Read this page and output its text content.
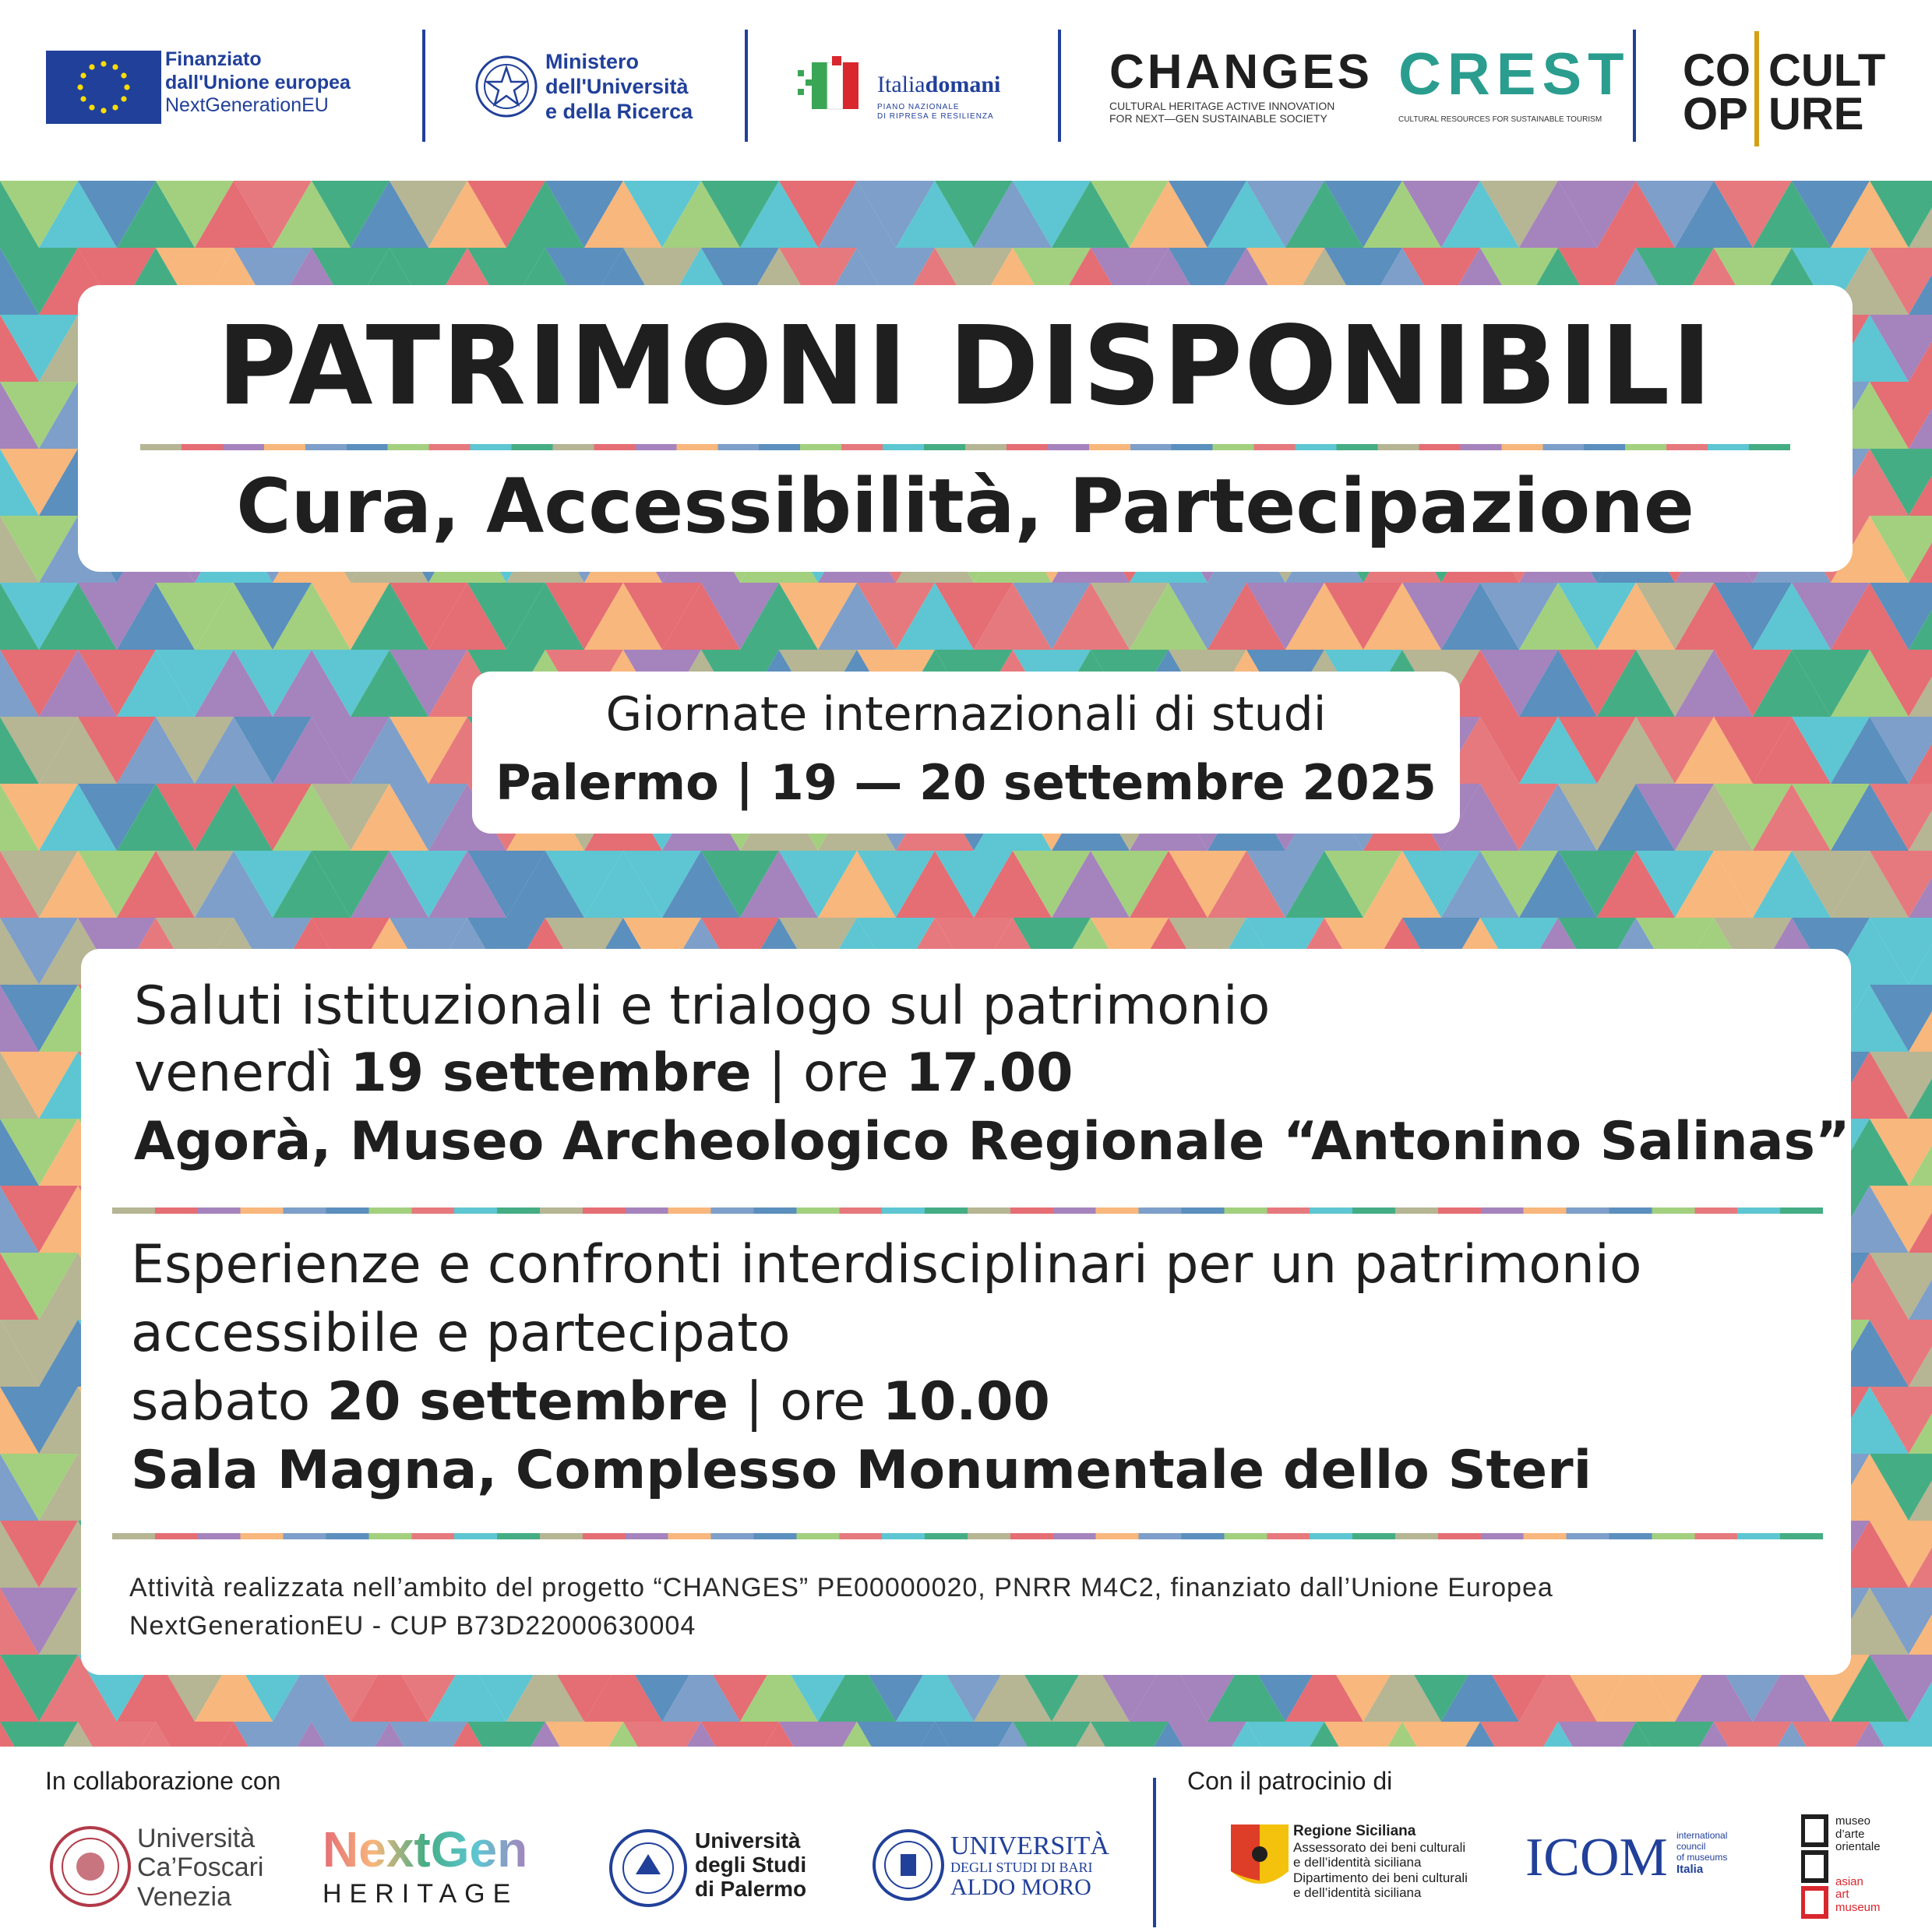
Finanziato
dall'Unione europea
NextGenerationEU
Ministero
dell'Università
e della Ricerca
Italiadomani
PIANO NAZIONALE
DI RIPRESA E RESILIENZA
CHANGES
CULTURAL HERITAGE ACTIVE INNOVATION
FOR NEXT—GEN SUSTAINABLE SOCIETY
CREST
CULTURAL RESOURCES FOR SUSTAINABLE TOURISM
CO
OP
CULT
URE
PATRIMONI DISPONIBILI
Cura, Accessibilità, Partecipazione
Giornate internazionali di studi
Palermo | 19 — 20 settembre 2025
Saluti istituzionali e trialogo sul patrimonio
venerdì 19 settembre | ore 17.00
Agorà, Museo Archeologico Regionale “Antonino Salinas”
Esperienze e confronti interdisciplinari per un patrimonio
accessibile e partecipato
sabato 20 settembre | ore 10.00
Sala Magna, Complesso Monumentale dello Steri
Attività realizzata nell’ambito del progetto “CHANGES” PE00000020, PNRR M4C2, finanziato dall’Unione Europea
NextGenerationEU - CUP B73D22000630004
In collaborazione con	Con il patrocinio di
Università
Ca’Foscari
Venezia
NextGen
HERITAGE
Università
degli Studi
di Palermo
UNIVERSITÀ
DEGLI STUDI DI BARI
ALDO MORO
Regione Siciliana
Assessorato dei beni culturali
e dell’identità siciliana
Dipartimento dei beni culturali
e dell’identità siciliana
ICOM international
council
of museums
Italia
museo
d’arte
orientale
asian
art
museum
